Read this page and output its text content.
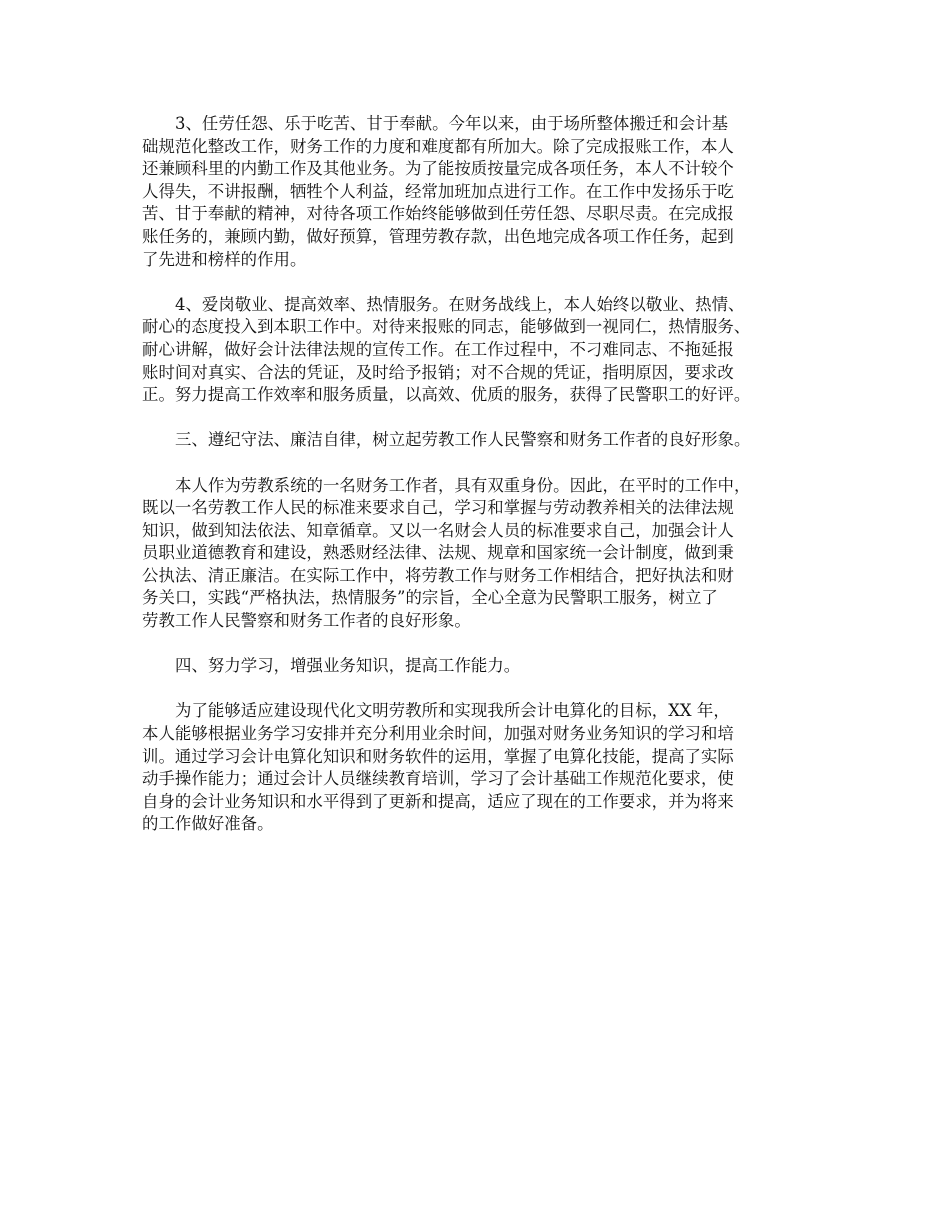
3、任劳任怨、乐于吃苦、甘于奉献。今年以来，由于场所整体搬迁和会计基
础规范化整改工作，财务工作的力度和难度都有所加大。除了完成报账工作，本人
还兼顾科里的内勤工作及其他业务。为了能按质按量完成各项任务，本人不计较个
人得失，不讲报酬，牺牲个人利益，经常加班加点进行工作。在工作中发扬乐于吃
苦、甘于奉献的精神，对待各项工作始终能够做到任劳任怨、尽职尽责。在完成报
账任务的，兼顾内勤，做好预算，管理劳教存款，出色地完成各项工作任务，起到
了先进和榜样的作用。
4、爱岗敬业、提高效率、热情服务。在财务战线上，本人始终以敬业、热情、
耐心的态度投入到本职工作中。对待来报账的同志，能够做到一视同仁，热情服务、
耐心讲解，做好会计法律法规的宣传工作。在工作过程中，不刁难同志、不拖延报
账时间对真实、合法的凭证，及时给予报销；对不合规的凭证，指明原因，要求改
正。努力提高工作效率和服务质量，以高效、优质的服务，获得了民警职工的好评。
三、遵纪守法、廉洁自律，树立起劳教工作人民警察和财务工作者的良好形象。
本人作为劳教系统的一名财务工作者，具有双重身份。因此，在平时的工作中，
既以一名劳教工作人民的标准来要求自己，学习和掌握与劳动教养相关的法律法规
知识，做到知法依法、知章循章。又以一名财会人员的标准要求自己，加强会计人
员职业道德教育和建设，熟悉财经法律、法规、规章和国家统一会计制度，做到秉
公执法、清正廉洁。在实际工作中，将劳教工作与财务工作相结合，把好执法和财
务关口，实践“严格执法，热情服务”的宗旨，全心全意为民警职工服务，树立了
劳教工作人民警察和财务工作者的良好形象。
四、努力学习，增强业务知识，提高工作能力。
为了能够适应建设现代化文明劳教所和实现我所会计电算化的目标，XX 年，
本人能够根据业务学习安排并充分利用业余时间，加强对财务业务知识的学习和培
训。通过学习会计电算化知识和财务软件的运用，掌握了电算化技能，提高了实际
动手操作能力；通过会计人员继续教育培训，学习了会计基础工作规范化要求，使
自身的会计业务知识和水平得到了更新和提高，适应了现在的工作要求，并为将来
的工作做好准备。
